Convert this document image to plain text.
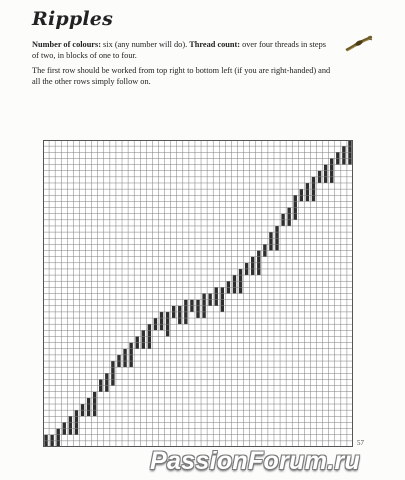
Ripples
Number of colours: six (any number will do). Thread count: over four threads in steps of two, in blocks of one to four.
The first row should be worked from top right to bottom left (if you are right-handed) and all the other rows simply follow on.
57
PassionForum.ru
